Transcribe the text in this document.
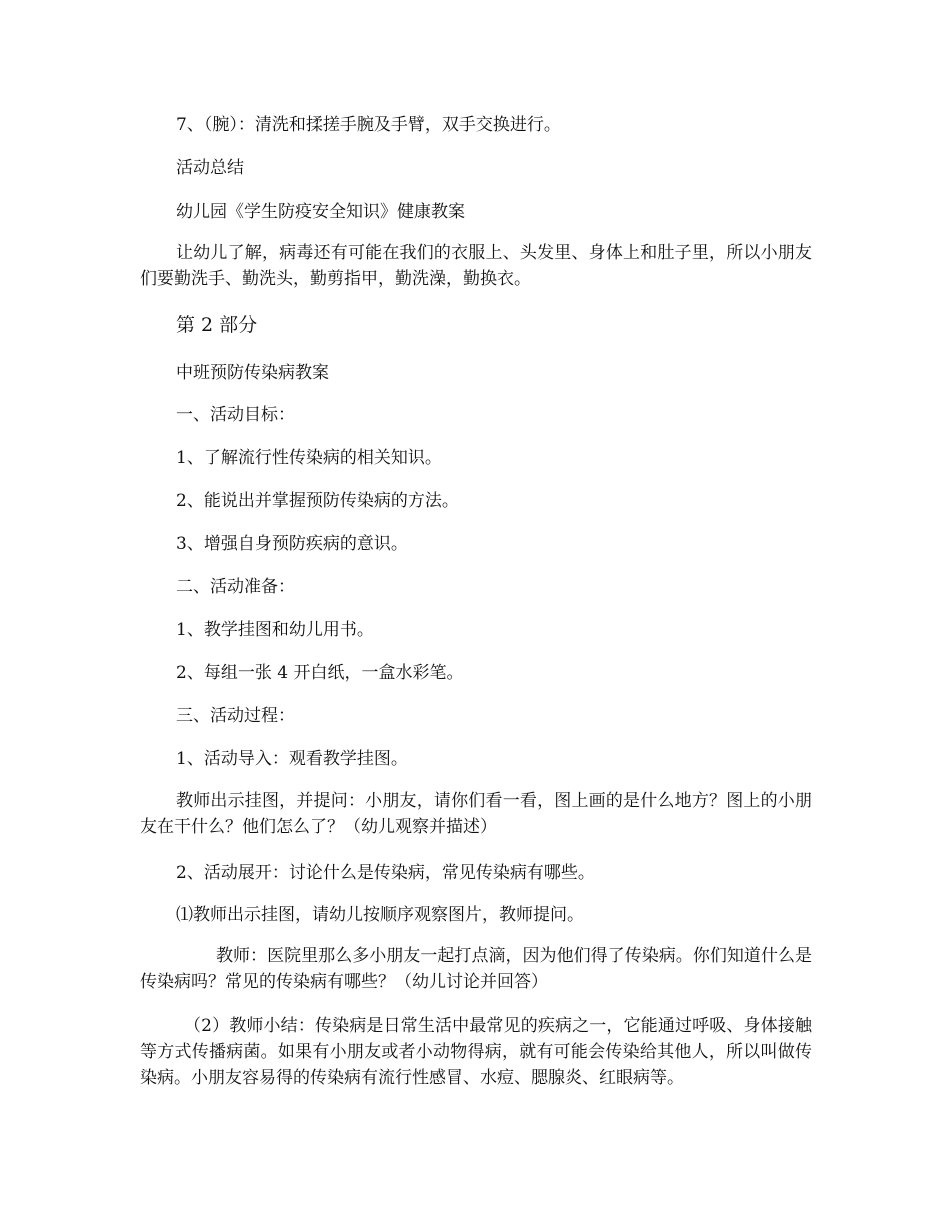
7、（腕）：清洗和揉搓手腕及手臂，双手交换进行。

活动总结

幼儿园《学生防疫安全知识》健康教案

让幼儿了解，病毒还有可能在我们的衣服上、头发里、身体上和肚子里，所以小朋友们要勤洗手、勤洗头，勤剪指甲，勤洗澡，勤换衣。

第 2 部分

中班预防传染病教案

一、活动目标：

1、了解流行性传染病的相关知识。

2、能说出并掌握预防传染病的方法。

3、增强自身预防疾病的意识。

二、活动准备：

1、教学挂图和幼儿用书。

2、每组一张 4 开白纸，一盒水彩笔。

三、活动过程：

1、活动导入：观看教学挂图。

教师出示挂图，并提问：小朋友，请你们看一看，图上画的是什么地方？图上的小朋友在干什么？他们怎么了？（幼儿观察并描述）

2、活动展开：讨论什么是传染病，常见传染病有哪些。

⑴教师出示挂图，请幼儿按顺序观察图片，教师提问。

教师：医院里那么多小朋友一起打点滴，因为他们得了传染病。你们知道什么是传染病吗？常见的传染病有哪些？（幼儿讨论并回答）

（2）教师小结：传染病是日常生活中最常见的疾病之一，它能通过呼吸、身体接触等方式传播病菌。如果有小朋友或者小动物得病，就有可能会传染给其他人，所以叫做传染病。小朋友容易得的传染病有流行性感冒、水痘、腮腺炎、红眼病等。
